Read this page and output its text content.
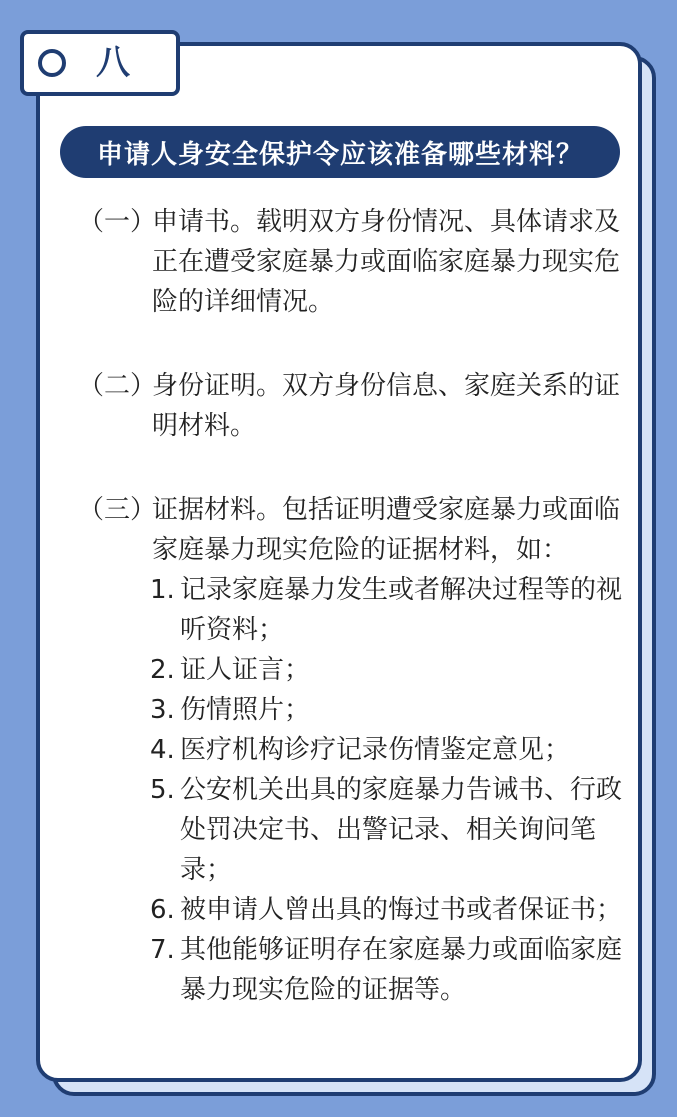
八
申请人身安全保护令应该准备哪些材料？
（一）
申请书。载明双方身份情况、具体请求及正在遭受家庭暴力或面临家庭暴力现实危险的详细情况。
（二）
身份证明。双方身份信息、家庭关系的证明材料。
（三）
证据材料。包括证明遭受家庭暴力或面临家庭暴力现实危险的证据材料，如：
1. 记录家庭暴力发生或者解决过程等的视听资料；
2. 证人证言；
3. 伤情照片；
4. 医疗机构诊疗记录伤情鉴定意见；
5. 公安机关出具的家庭暴力告诫书、行政处罚决定书、出警记录、相关询问笔录；
6. 被申请人曾出具的悔过书或者保证书；
7. 其他能够证明存在家庭暴力或面临家庭暴力现实危险的证据等。
